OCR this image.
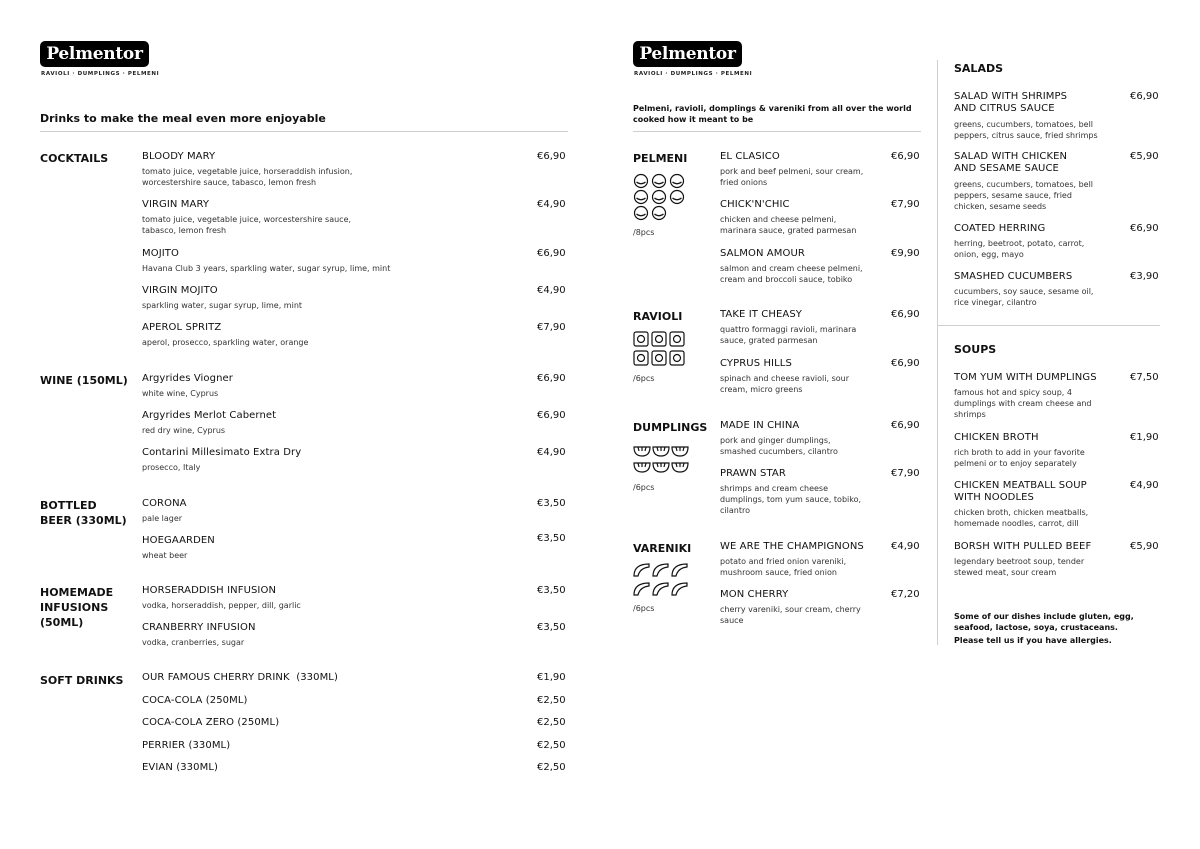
Pelmentor
RAVIOLI · DUMPLINGS · PELMENI
Drinks to make the meal even more enjoyable
COCKTAILS	BLOODY MARY	€6,90
tomato juice, vegetable juice, horseraddish infusion,
worcestershire sauce, tabasco, lemon fresh
VIRGIN MARY	€4,90
tomato juice, vegetable juice, worcestershire sauce,
tabasco, lemon fresh
MOJITO	€6,90
Havana Club 3 years, sparkling water, sugar syrup, lime, mint
VIRGIN MOJITO	€4,90
sparkling water, sugar syrup, lime, mint
APEROL SPRITZ	€7,90
aperol, prosecco, sparkling water, orange
WINE (150ML) Argyrides Viogner	€6,90
white wine, Cyprus
Argyrides Merlot Cabernet	€6,90
red dry wine, Cyprus
Contarini Millesimato Extra Dry	€4,90
prosecco, Italy
BOTTLED
BEER (330ML)
CORONA	€3,50
pale lager
HOEGAARDEN	€3,50
wheat beer
HOMEMADE
INFUSIONS
(50ML)
HORSERADDISH INFUSION	€3,50
vodka, horseraddish, pepper, dill, garlic
CRANBERRY INFUSION	€3,50
vodka, cranberries, sugar
SOFT DRINKS OUR FAMOUS CHERRY DRINK  (330ML)	€1,90
COCA-COLA (250ML)	€2,50
COCA-COLA ZERO (250ML)	€2,50
PERRIER (330ML)	€2,50
EVIAN (330ML)	€2,50
Pelmentor
RAVIOLI · DUMPLINGS · PELMENI
Pelmeni, ravioli, domplings & vareniki from all over the world
cooked how it meant to be
PELMENI
/8pcs
EL CLASICO	€6,90
pork and beef pelmeni, sour cream,
fried onions
CHICK'N'CHIC	€7,90
chicken and cheese pelmeni,
marinara sauce, grated parmesan
SALMON AMOUR	€9,90
salmon and cream cheese pelmeni,
cream and broccoli sauce, tobiko
RAVIOLI
/6pcs
TAKE IT CHEASY	€6,90
quattro formaggi ravioli, marinara
sauce, grated parmesan
CYPRUS HILLS	€6,90
spinach and cheese ravioli, sour
cream, micro greens
DUMPLINGS
/6pcs
MADE IN CHINA	€6,90
pork and ginger dumplings,
smashed cucumbers, cilantro
PRAWN STAR	€7,90
shrimps and cream cheese
dumplings, tom yum sauce, tobiko,
cilantro
VARENIKI
/6pcs
WE ARE THE CHAMPIGNONS	€4,90
potato and fried onion vareniki,
mushroom sauce, fried onion
MON CHERRY	€7,20
cherry vareniki, sour cream, cherry
sauce
SALADS
SALAD WITH SHRIMPS
AND CITRUS SAUCE
€6,90
greens, cucumbers, tomatoes, bell
peppers, citrus sauce, fried shrimps
SALAD WITH CHICKEN
AND SESAME SAUCE
€5,90
greens, cucumbers, tomatoes, bell
peppers, sesame sauce, fried
chicken, sesame seeds
COATED HERRING	€6,90
herring, beetroot, potato, carrot,
onion, egg, mayo
SMASHED CUCUMBERS	€3,90
cucumbers, soy sauce, sesame oil,
rice vinegar, cilantro
SOUPS
TOM YUM WITH DUMPLINGS	€7,50
famous hot and spicy soup, 4
dumplings with cream cheese and
shrimps
CHICKEN BROTH	€1,90
rich broth to add in your favorite
pelmeni or to enjoy separately
CHICKEN MEATBALL SOUP
WITH NOODLES
€4,90
chicken broth, chicken meatballs,
homemade noodles, carrot, dill
BORSH WITH PULLED BEEF	€5,90
legendary beetroot soup, tender
stewed meat, sour cream
Some of our dishes include gluten, egg,
seafood, lactose, soya, crustaceans.
Please tell us if you have allergies.
